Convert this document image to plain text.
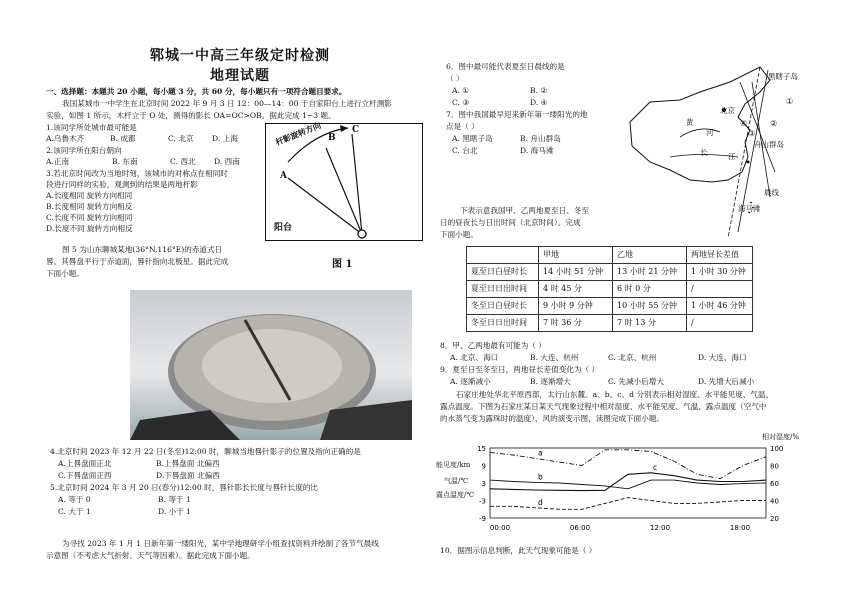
郓城一中高三年级定时检测
地理试题
一、选择题：本题共 20 小题，每小题 3 分，共 60 分，每小题只有一项符合题目要求。
我国某城市一中学生在北京时间 2022 年 9 月 3 日 12：00—14：00 于自家阳台上进行立杆测影
实验，如图 1 所示，木杆立于 O 处，测得的影长 OA=OC>OB。据此完成 1~3 题。
1.该同学所处城市最可能是
A.乌鲁木齐	B. 成都	C. 北京 D. 上海
2.该同学所在阳台朝向
A.正南	B. 东南	C. 西北 D. 西南
3.若北京时间改为当地时刻，该城市的对称点在相同时
段进行同样的实验，观测到的结果是两地杆影
A.长度相同 旋转方向相同
B.长度相同 旋转方向相反
C.长度不同 旋转方向相同
D.长度不同 旋转方向相反
A
B
C
杆影旋转方向
阳台
图 1
图 5 为山东聊城某地(36°N,116°E)的赤道式日
晷，其晷盘平行于赤道面，晷针指向北极星。据此完成
下面小题。
4.北京时间 2023 年 12 月 22 日(冬至)12:00 时，聊城当地晷针影子的位置及指向正确的是
A.上晷盘面正北	B.上晷盘面 北偏西
C.下晷盘面正西	D.下晷盘面 北偏西
5.北京时间 2024 年 3 月 20 日(春分)12:00 时，晷针影长长度与晷针长度的比
A. 等于 0	B. 等于 1
C. 大于 1	D. 小于 1
为寻找 2023 年 1 月 1 日新年第一缕阳光，某中学地理研学小组查找资料并绘制了各节气晨线
示意图（不考虑大气折射、天气等因素）。据此完成下面小题。
6．图中最可能代表夏至日晨线的是
（ ）
A. ①	B. ②
C. ③	D. ④
7．图中我国最早迎来新年第一缕阳光的地
点是（ ）
A. 黑瞎子岛	B. 舟山群岛
C. 台北	D. 海马滩
黑瞎子岛
北京
黄
河
长	江
舟山群岛
晨线
海马滩
①
②
③
④
下表示意我国甲、乙两地夏至日、冬至
日的昼夜长与日出时间（北京时间）。完成
下面小题。
	甲地	乙地	两地昼长差值
夏至日白昼时长	14 小时 51 分钟	13 小时 21 分钟	1 小时 30 分钟
夏至日日出时间	4 时 45 分	6 时 0 分	/
冬至日白昼时长	9 小时 9 分钟	10 小时 55 分钟	1 小时 46 分钟
冬至日日出时间	7 时 36 分	7 时 13 分	/
8．甲、乙两地最有可能为（ ）
A. 北京、海口	B. 大连、杭州	C. 北京、杭州	D. 大连、海口
9．夏至日至冬至日，两地昼长差值变化为（ ）
A. 逐渐减小	B. 逐渐增大	C. 先减小后增大	D. 先增大后减小
石家庄地处华北平原西部，太行山东麓。a、b、c、d 分别表示相对湿度、水平能见度、气温、
露点温度。下图为石家庄某日某天气现象过程中相对湿度、水平能见度、气温、露点温度（空气中
的水蒸气变为露珠时的温度）、风的演变示图，读图完成下面小题。
15
9
3
-3
-9
100
80
60
40
20
00:00	06:00	12:00	18:00
a
b
c
d
相对湿度/%
能见度/km
气温/℃
露点温度/℃
10．据图示信息判断，此天气现象可能是（ ）
